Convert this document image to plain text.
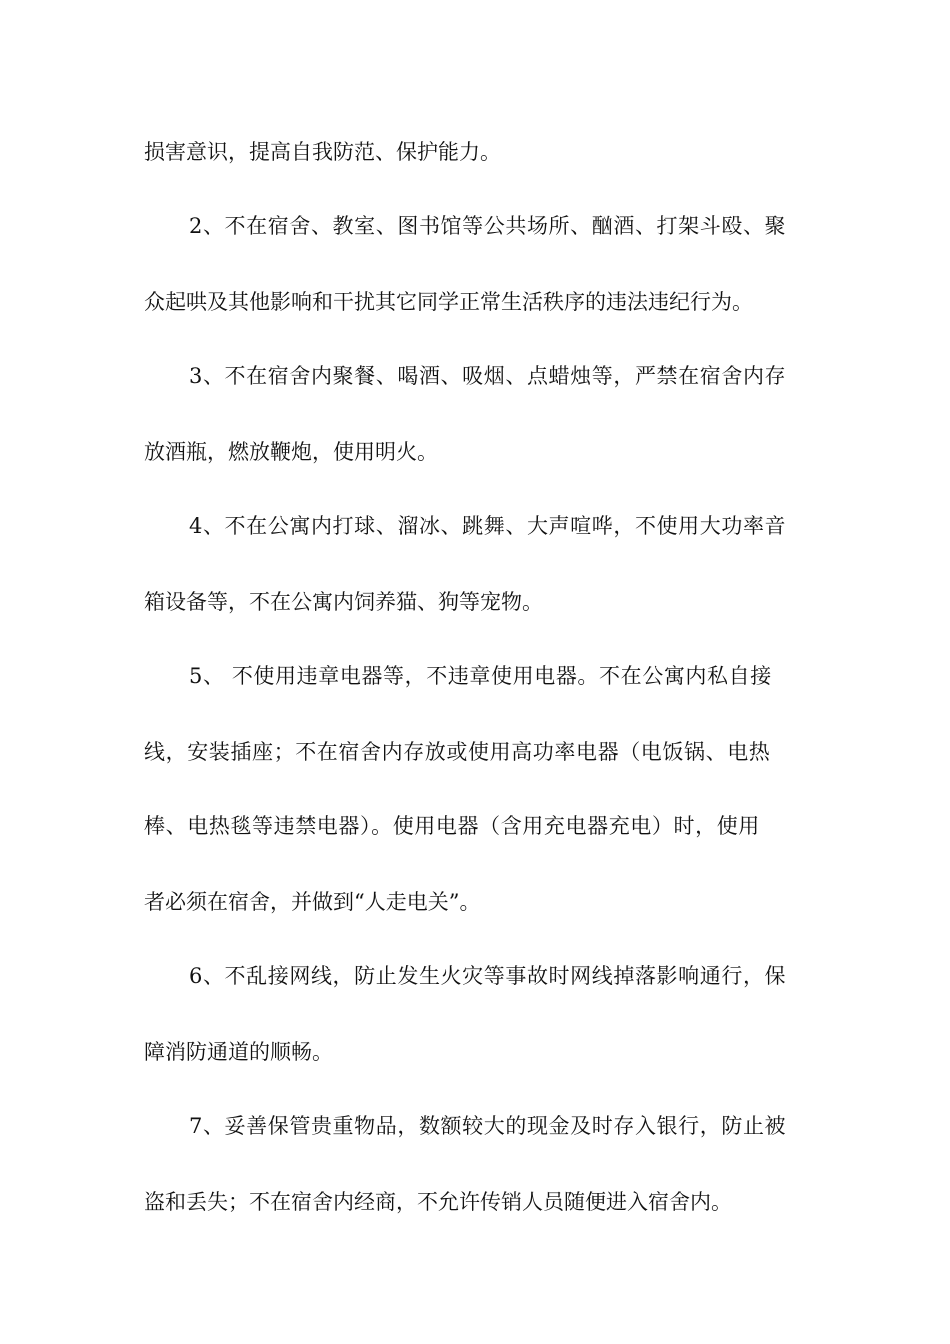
损害意识，提高自我防范、保护能力。
2、不在宿舍、教室、图书馆等公共场所、酗酒、打架斗殴、聚
众起哄及其他影响和干扰其它同学正常生活秩序的违法违纪行为。
3、不在宿舍内聚餐、喝酒、吸烟、点蜡烛等，严禁在宿舍内存
放酒瓶，燃放鞭炮，使用明火。
4、不在公寓内打球、溜冰、跳舞、大声喧哗，不使用大功率音
箱设备等，不在公寓内饲养猫、狗等宠物。
5、 不使用违章电器等，不违章使用电器。不在公寓内私自接
线，安装插座；不在宿舍内存放或使用高功率电器（电饭锅、电热
棒、电热毯等违禁电器）。使用电器（含用充电器充电）时，使用
者必须在宿舍，并做到“人走电关”。
6、不乱接网线，防止发生火灾等事故时网线掉落影响通行，保
障消防通道的顺畅。
7、妥善保管贵重物品，数额较大的现金及时存入银行，防止被
盗和丢失；不在宿舍内经商，不允许传销人员随便进入宿舍内。
